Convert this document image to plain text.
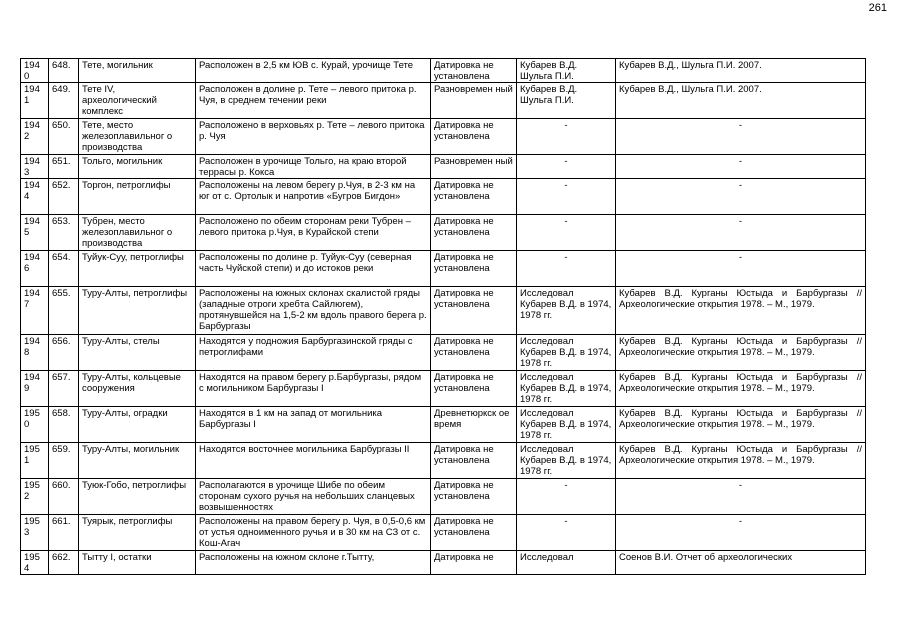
261
1940	648.	Тете, могильник	Расположен в 2,5 км ЮВ с. Курай, урочище Тете	Датировка не установлена	Кубарев В.Д. Шульга П.И.	Кубарев В.Д., Шульга П.И. 2007.
1941	649.	Тете IV, археологический комплекс	Расположен в долине р. Тете – левого притока р. Чуя, в среднем течении реки	Разновремен ный	Кубарев В.Д. Шульга П.И.	Кубарев В.Д., Шульга П.И. 2007.
1942	650.	Тете, место железоплавильног о производства	Расположено в верховьях р. Тете – левого притока р. Чуя	Датировка не установлена	-	-
1943	651.	Тольго, могильник	Расположен в урочище Тольго, на краю второй террасы р. Кокса	Разновремен ный	-	-
1944	652.	Торгон, петроглифы	Расположены на левом берегу р.Чуя, в 2-3 км на юг от с. Ортолык и напротив «Бугров Бигдон»	Датировка не установлена	-	-
1945	653.	Тубрен, место железоплавильног о производства	Расположено по обеим сторонам реки Тубрен – левого притока р.Чуя, в Курайской степи	Датировка не установлена	-	-
1946	654.	Туйук-Суу, петроглифы	Расположены по долине р. Туйук-Суу (северная часть Чуйской степи) и до истоков реки	Датировка не установлена	-	-
1947	655.	Туру-Алты, петроглифы	Расположены на южных склонах скалистой гряды (западные отроги хребта Сайлюгем), протянувшейся на 1,5-2 км вдоль правого берега р. Барбургазы	Датировка не установлена	Исследовал Кубарев В.Д. в 1974, 1978 гг.	Кубарев В.Д. Курганы Юстыда и Барбургазы //Археологические открытия 1978. – М., 1979.
1948	656.	Туру-Алты, стелы	Находятся у подножия Барбургазинской гряды с петроглифами	Датировка не установлена	Исследовал Кубарев В.Д. в 1974, 1978 гг.	Кубарев В.Д. Курганы Юстыда и Барбургазы //Археологические открытия 1978. – М., 1979.
1949	657.	Туру-Алты, кольцевые сооружения	Находятся на правом берегу р.Барбургазы, рядом с могильником Барбургазы I	Датировка не установлена	Исследовал Кубарев В.Д. в 1974, 1978 гг.	Кубарев В.Д. Курганы Юстыда и Барбургазы //Археологические открытия 1978. – М., 1979.
1950	658.	Туру-Алты, оградки	Находятся в 1 км на запад от могильника Барбургазы I	Древнетюркск ое время	Исследовал Кубарев В.Д. в 1974, 1978 гг.	Кубарев В.Д. Курганы Юстыда и Барбургазы //Археологические открытия 1978. – М., 1979.
1951	659.	Туру-Алты, могильник	Находятся восточнее могильника Барбургазы II	Датировка не установлена	Исследовал Кубарев В.Д. в 1974, 1978 гг.	Кубарев В.Д. Курганы Юстыда и Барбургазы //Археологические открытия 1978. – М., 1979.
1952	660.	Туюк-Гобо, петроглифы	Располагаются в урочище Шибе по обеим сторонам сухого ручья на небольших сланцевых возвышенностях	Датировка не установлена	-	-
1953	661.	Туярык, петроглифы	Расположены на правом берегу р. Чуя, в 0,5-0,6 км от устья одноименного ручья и в 30 км на СЗ от с. Кош-Агач	Датировка не установлена	-	-
1954	662.	Тытту I, остатки	Расположены на южном склоне г.Тытту,	Датировка не	Исследовал	Соенов В.И. Отчет об археологических
